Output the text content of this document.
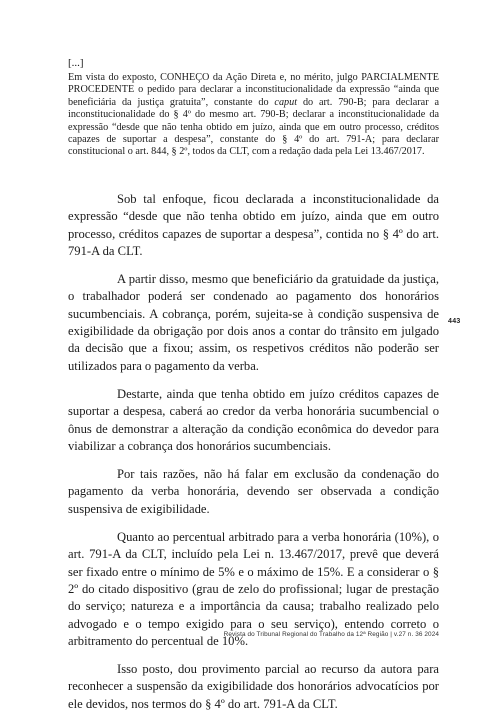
[...]
Em vista do exposto, CONHEÇO da Ação Direta e, no mérito, julgo PARCIALMENTE PROCEDENTE o pedido para declarar a inconstitucionalidade da expressão “ainda que beneficiária da justiça gratuita”, constante do caput do art. 790-B; para declarar a inconstitucionalidade do § 4º do mesmo art. 790-B; declarar a inconstitucionalidade da expressão “desde que não tenha obtido em juízo, ainda que em outro processo, créditos capazes de suportar a despesa”, constante do § 4º do art. 791-A; para declarar constitucional o art. 844, § 2º, todos da CLT, com a redação dada pela Lei 13.467/2017.

Sob tal enfoque, ficou declarada a inconstitucionalidade da expressão “desde que não tenha obtido em juízo, ainda que em outro processo, créditos capazes de suportar a despesa”, contida no § 4º do art. 791-A da CLT.

A partir disso, mesmo que beneficiário da gratuidade da justiça, o trabalhador poderá ser condenado ao pagamento dos honorários sucumbenciais. A cobrança, porém, sujeita-se à condição suspensiva de exigibilidade da obrigação por dois anos a contar do trânsito em julgado da decisão que a fixou; assim, os respetivos créditos não poderão ser utilizados para o pagamento da verba.

Destarte, ainda que tenha obtido em juízo créditos capazes de suportar a despesa, caberá ao credor da verba honorária sucumbencial o ônus de demonstrar a alteração da condição econômica do devedor para viabilizar a cobrança dos honorários sucumbenciais.

Por tais razões, não há falar em exclusão da condenação do pagamento da verba honorária, devendo ser observada a condição suspensiva de exigibilidade.

Quanto ao percentual arbitrado para a verba honorária (10%), o art. 791-A da CLT, incluído pela Lei n. 13.467/2017, prevê que deverá ser fixado entre o mínimo de 5% e o máximo de 15%. E a considerar o § 2º do citado dispositivo (grau de zelo do profissional; lugar de prestação do serviço; natureza e a importância da causa; trabalho realizado pelo advogado e o tempo exigido para o seu serviço), entendo correto o arbitramento do percentual de 10%.

Isso posto, dou provimento parcial ao recurso da autora para reconhecer a suspensão da exigibilidade dos honorários advocatícios por ele devidos, nos termos do § 4º do art. 791-A da CLT.

443
Revista do Tribunal Regional do Trabalho da 12ª Região | v.27 n. 36 2024
